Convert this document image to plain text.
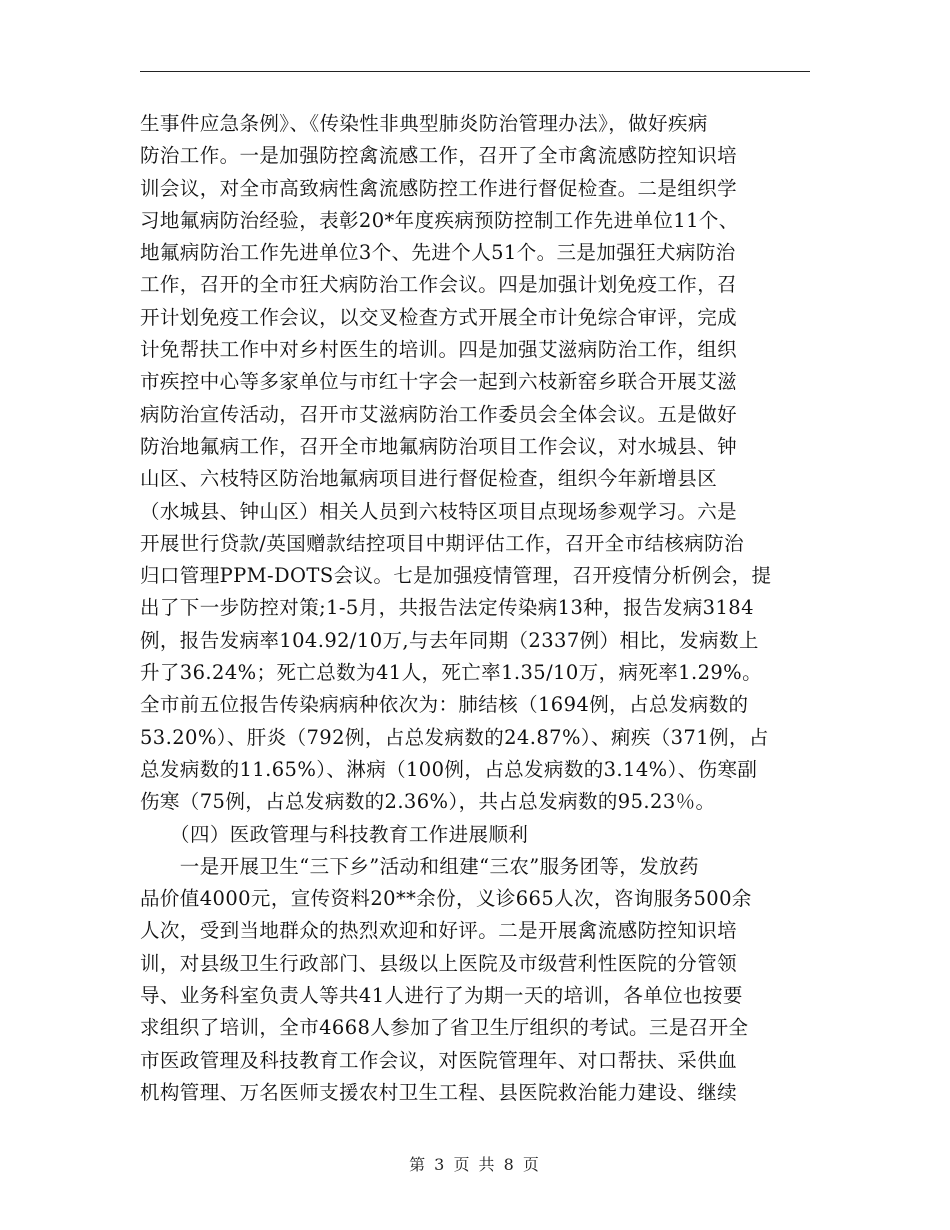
生事件应急条例》、《传染性非典型肺炎防治管理办法》，做好疾病
防治工作。一是加强防控禽流感工作，召开了全市禽流感防控知识培
训会议，对全市高致病性禽流感防控工作进行督促检查。二是组织学
习地氟病防治经验，表彰20*年度疾病预防控制工作先进单位11个、
地氟病防治工作先进单位3个、先进个人51个。三是加强狂犬病防治
工作，召开的全市狂犬病防治工作会议。四是加强计划免疫工作，召
开计划免疫工作会议，以交叉检查方式开展全市计免综合审评，完成
计免帮扶工作中对乡村医生的培训。四是加强艾滋病防治工作，组织
市疾控中心等多家单位与市红十字会一起到六枝新窑乡联合开展艾滋
病防治宣传活动，召开市艾滋病防治工作委员会全体会议。五是做好
防治地氟病工作，召开全市地氟病防治项目工作会议，对水城县、钟
山区、六枝特区防治地氟病项目进行督促检查，组织今年新增县区
（水城县、钟山区）相关人员到六枝特区项目点现场参观学习。六是
开展世行贷款/英国赠款结控项目中期评估工作，召开全市结核病防治
归口管理PPM-DOTS会议。七是加强疫情管理，召开疫情分析例会，提
出了下一步防控对策;1-5月，共报告法定传染病13种，报告发病3184
例，报告发病率104.92/10万,与去年同期（2337例）相比，发病数上
升了36.24%；死亡总数为41人，死亡率1.35/10万，病死率1.29%。
全市前五位报告传染病病种依次为：肺结核（1694例，占总发病数的
53.20%）、肝炎（792例，占总发病数的24.87%）、痢疾（371例，占
总发病数的11.65%）、淋病（100例，占总发病数的3.14%）、伤寒副
伤寒（75例，占总发病数的2.36%），共占总发病数的95.23％。
　　（四）医政管理与科技教育工作进展顺利
　　一是开展卫生“三下乡”活动和组建“三农”服务团等，发放药
品价值4000元，宣传资料20**余份，义诊665人次，咨询服务500余
人次，受到当地群众的热烈欢迎和好评。二是开展禽流感防控知识培
训，对县级卫生行政部门、县级以上医院及市级营利性医院的分管领
导、业务科室负责人等共41人进行了为期一天的培训，各单位也按要
求组织了培训，全市4668人参加了省卫生厅组织的考试。三是召开全
市医政管理及科技教育工作会议，对医院管理年、对口帮扶、采供血
机构管理、万名医师支援农村卫生工程、县医院救治能力建设、继续
第 3 页 共 8 页
